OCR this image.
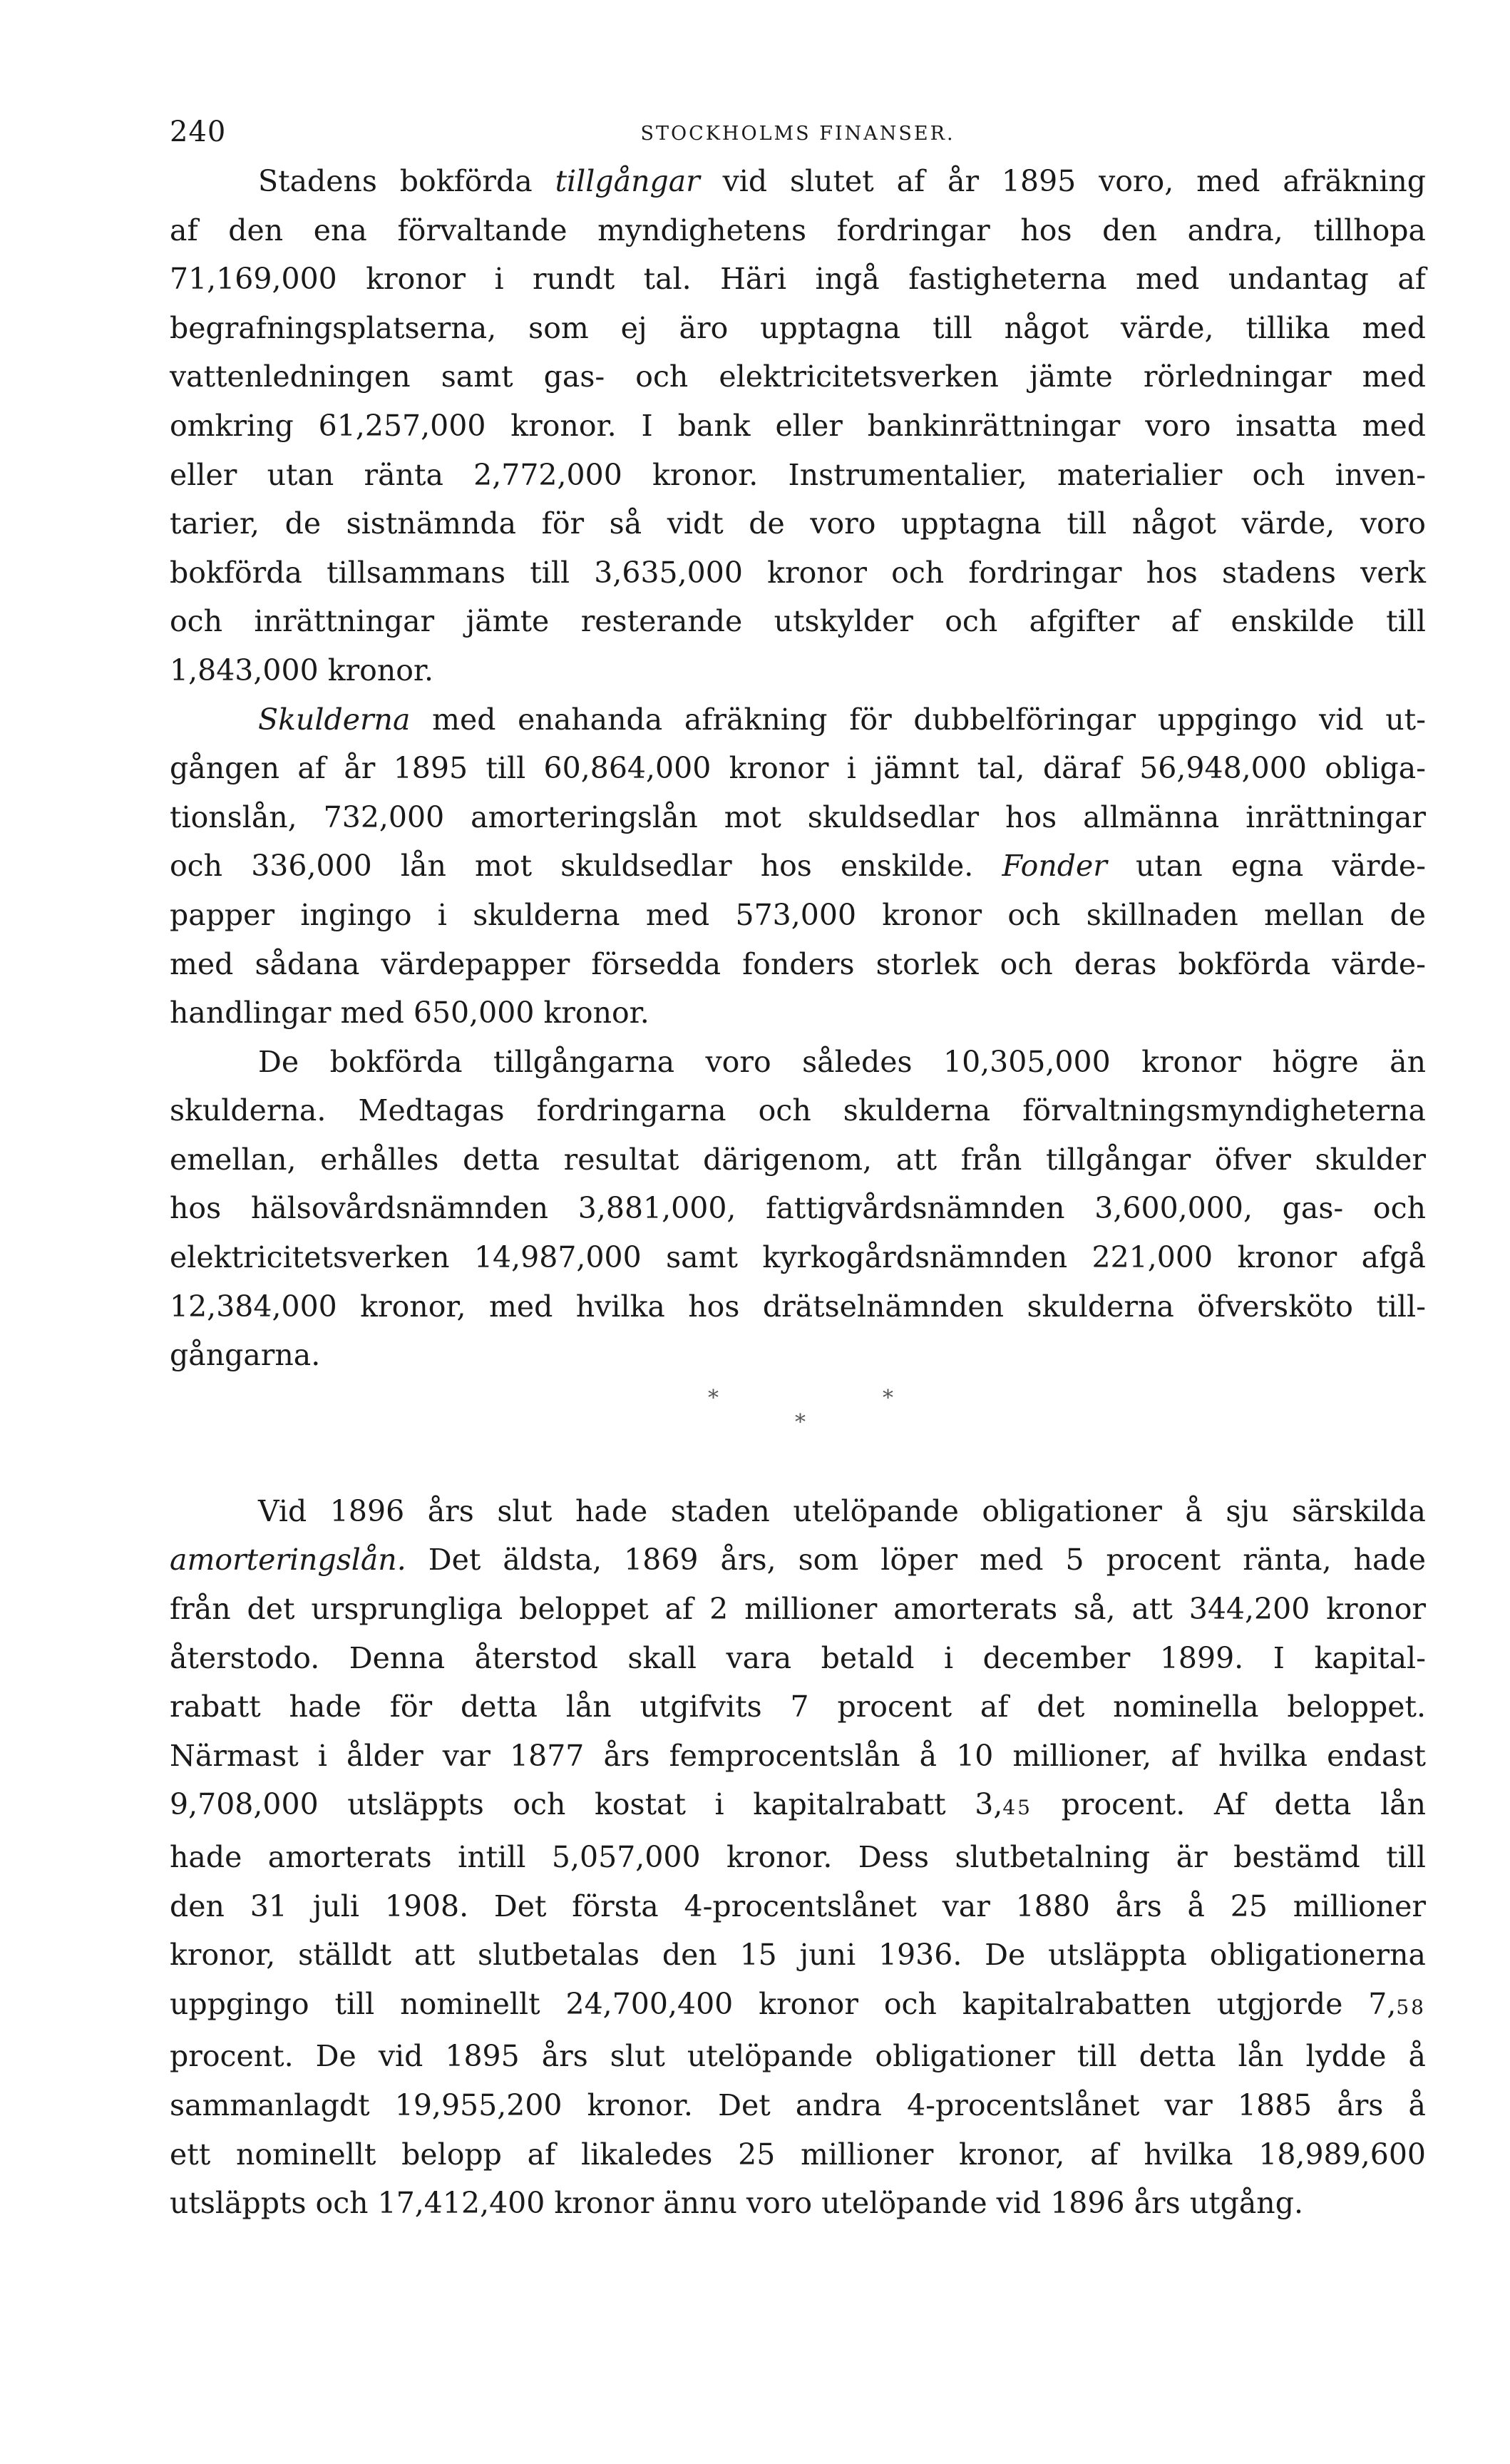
240	STOCKHOLMS FINANSER.
Stadens bokförda tillgångar vid slutet af år 1895 voro, med afräkning
af den ena förvaltande myndighetens fordringar hos den andra, tillhopa
71,169,000 kronor i rundt tal. Häri ingå fastigheterna med undantag af
begrafningsplatserna, som ej äro upptagna till något värde, tillika med
vattenledningen samt gas- och elektricitetsverken jämte rörledningar med
omkring 61,257,000 kronor. I bank eller bankinrättningar voro insatta med
eller utan ränta 2,772,000 kronor. Instrumentalier, materialier och inven-
tarier, de sistnämnda för så vidt de voro upptagna till något värde, voro
bokförda tillsammans till 3,635,000 kronor och fordringar hos stadens verk
och inrättningar jämte resterande utskylder och afgifter af enskilde till
1,843,000 kronor.
Skulderna med enahanda afräkning för dubbelföringar uppgingo vid ut-
gången af år 1895 till 60,864,000 kronor i jämnt tal, däraf 56,948,000 obliga-
tionslån, 732,000 amorteringslån mot skuldsedlar hos allmänna inrättningar
och 336,000 lån mot skuldsedlar hos enskilde. Fonder utan egna värde-
papper ingingo i skulderna med 573,000 kronor och skillnaden mellan de
med sådana värdepapper försedda fonders storlek och deras bokförda värde-
handlingar med 650,000 kronor.
De bokförda tillgångarna voro således 10,305,000 kronor högre än
skulderna. Medtagas fordringarna och skulderna förvaltningsmyndigheterna
emellan, erhålles detta resultat därigenom, att från tillgångar öfver skulder
hos hälsovårdsnämnden 3,881,000, fattigvårdsnämnden 3,600,000, gas- och
elektricitetsverken 14,987,000 samt kyrkogårdsnämnden 221,000 kronor afgå
12,384,000 kronor, med hvilka hos drätselnämnden skulderna öfversköto till-
gångarna.
*	*
*
Vid 1896 års slut hade staden utelöpande obligationer å sju särskilda
amorteringslån. Det äldsta, 1869 års, som löper med 5 procent ränta, hade
från det ursprungliga beloppet af 2 millioner amorterats så, att 344,200 kronor
återstodo. Denna återstod skall vara betald i december 1899. I kapital-
rabatt hade för detta lån utgifvits 7 procent af det nominella beloppet.
Närmast i ålder var 1877 års femprocentslån å 10 millioner, af hvilka endast
9,708,000 utsläppts och kostat i kapitalrabatt 3,45 procent. Af detta lån
hade amorterats intill 5,057,000 kronor. Dess slutbetalning är bestämd till
den 31 juli 1908. Det första 4-procentslånet var 1880 års å 25 millioner
kronor, ställdt att slutbetalas den 15 juni 1936. De utsläppta obligationerna
uppgingo till nominellt 24,700,400 kronor och kapitalrabatten utgjorde 7,58
procent. De vid 1895 års slut utelöpande obligationer till detta lån lydde å
sammanlagdt 19,955,200 kronor. Det andra 4-procentslånet var 1885 års å
ett nominellt belopp af likaledes 25 millioner kronor, af hvilka 18,989,600
utsläppts och 17,412,400 kronor ännu voro utelöpande vid 1896 års utgång.
